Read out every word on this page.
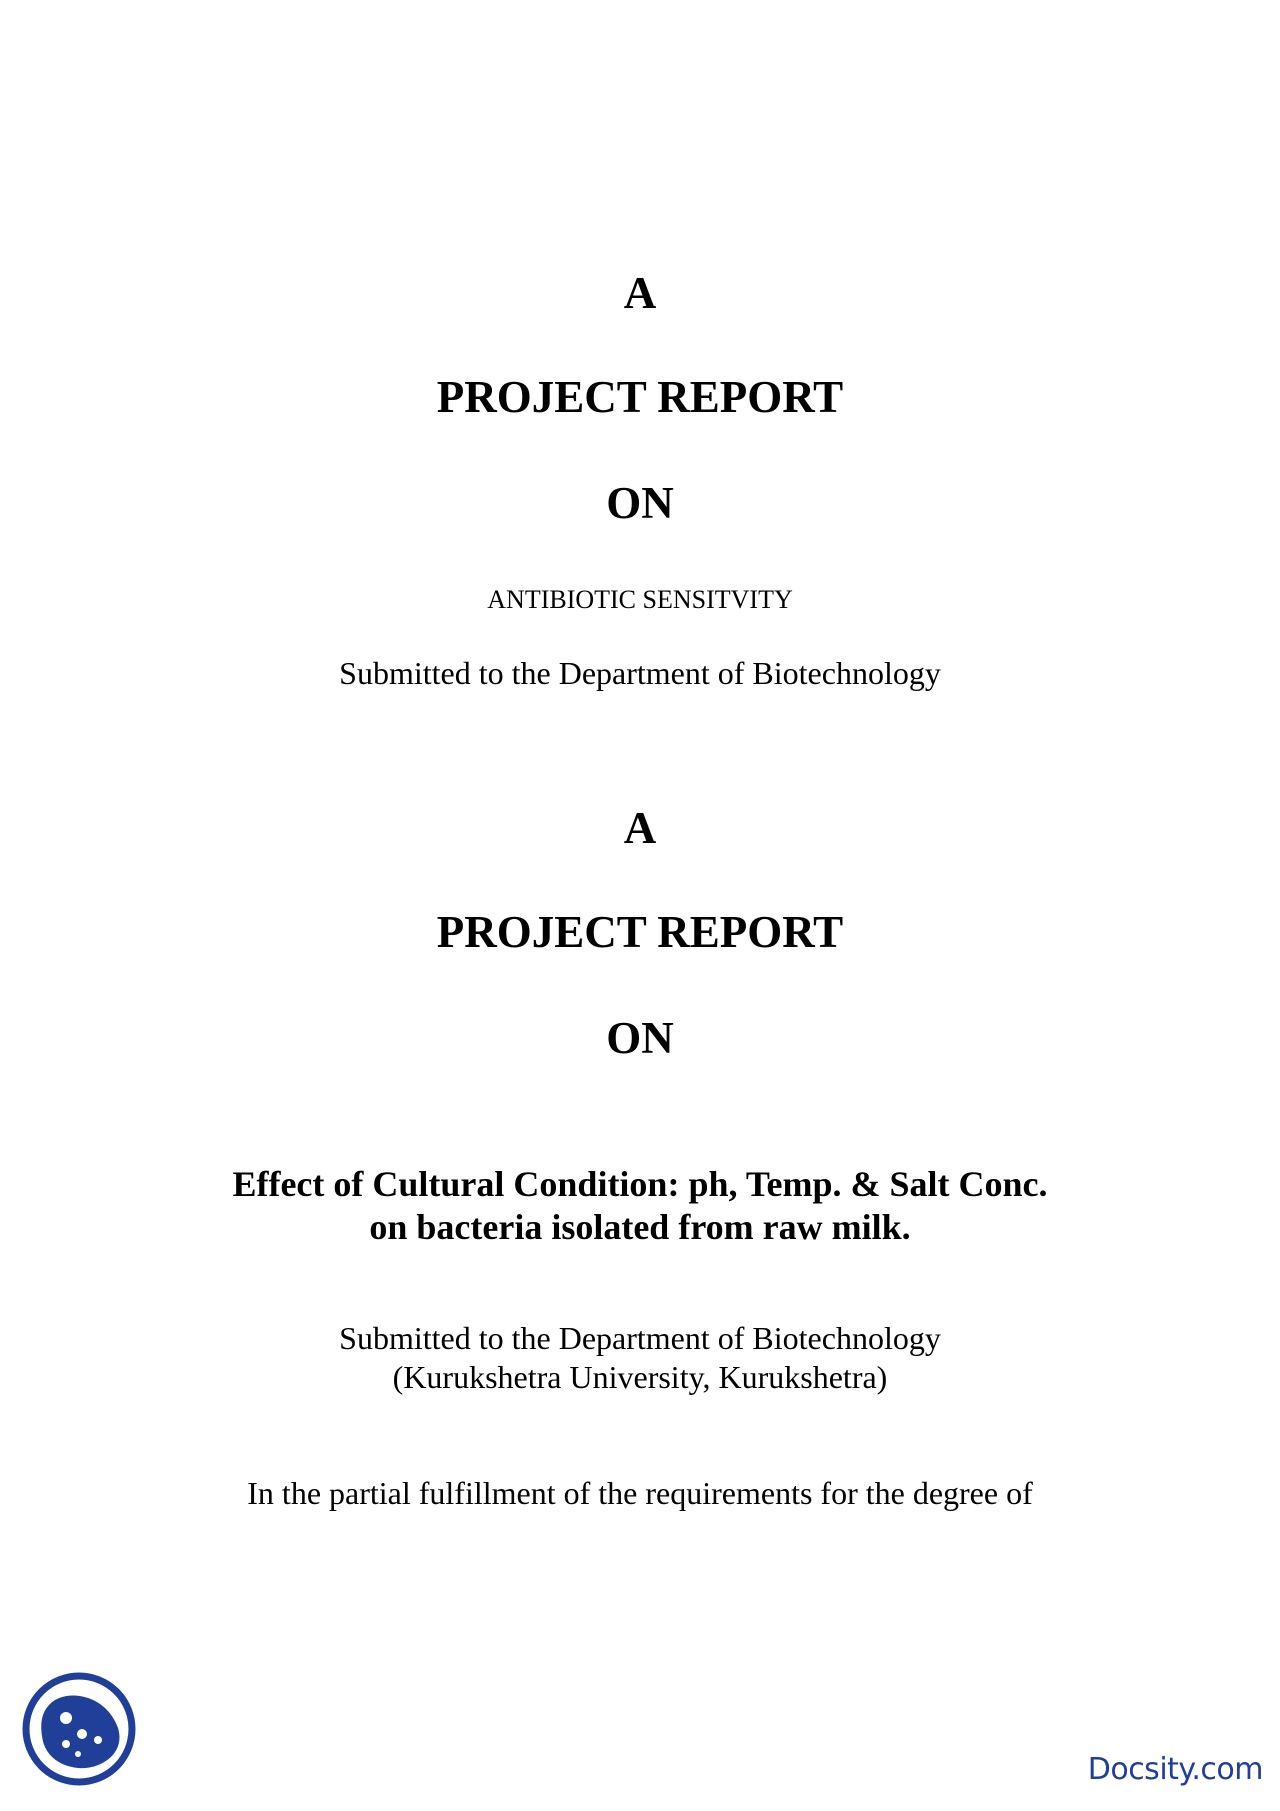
A
PROJECT REPORT
ON
ANTIBIOTIC SENSITVITY
Submitted to the Department of Biotechnology
A
PROJECT REPORT
ON
Effect of Cultural Condition: ph, Temp. & Salt Conc.
on bacteria isolated from raw milk.
Submitted to the Department of Biotechnology
(Kurukshetra University, Kurukshetra)
In the partial fulfillment of the requirements for the degree of
Docsity.com
